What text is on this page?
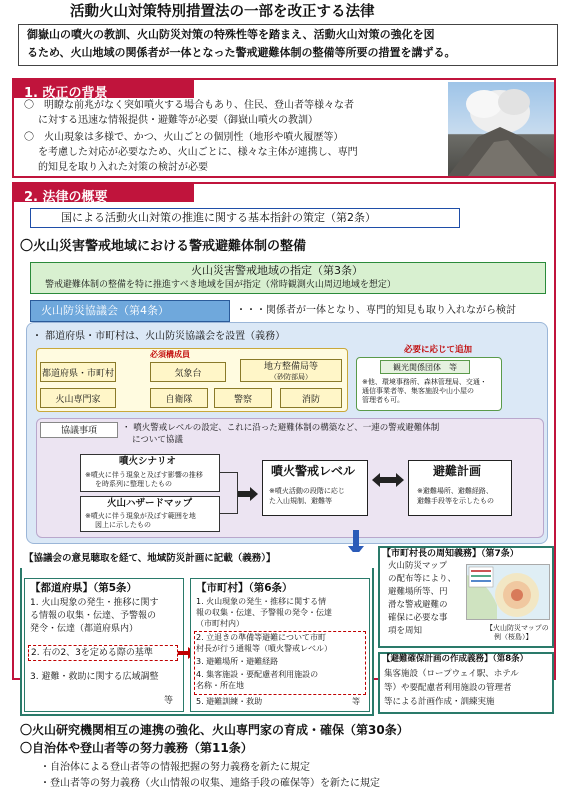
活動火山対策特別措置法の一部を改正する法律
御嶽山の噴火の教訓、火山防災対策の特殊性等を踏まえ、活動火山対策の強化を図
るため、火山地域の関係者が一体となった警戒避難体制の整備等所要の措置を講ずる。
1. 改正の背景
〇　明瞭な前兆がなく突如噴火する場合もあり、住民、登山者等様々な者
に対する迅速な情報提供・避難等が必要（御嶽山噴火の教訓）
〇　火山現象は多様で、かつ、火山ごとの個別性（地形や噴火履歴等）
を考慮した対応が必要なため、火山ごとに、様々な主体が連携し、専門
的知見を取り入れた対策の検討が必要
2. 法律の概要
国による活動火山対策の推進に関する基本指針の策定（第2条）
〇火山災害警戒地域における警戒避難体制の整備
火山災害警戒地域の指定（第3条）
警戒避難体制の整備を特に推進すべき地域を国が指定（常時観測火山周辺地域を想定）
火山防災協議会（第4条）	・・・関係者が一体となり、専門的知見も取り入れながら検討
・ 都道府県・市町村は、火山防災協議会を設置（義務）
必須構成員
都道府県・市町村	気象台
地方整備局等
（砂防部局）
火山専門家	自衛隊	警察	消防
必要に応じて追加
観光関係団体　等
※他、環境事務所、森林管理局、交通・
通信事業者等、集客施設や山小屋の
管理者も可。
協議事項	・ 噴火警戒レベルの設定、これに沿った避難体制の構築など、一連の警戒避難体制
について協議
噴火シナリオ
※噴火に伴う現象と及ぼす影響の推移
を時系列に整理したもの
火山ハザードマップ
※噴火に伴う現象が及ぼす範囲を地
図上に示したもの
噴火警戒レベル
※噴火活動の段階に応じ
た入山規制、避難等
避難計画
※避難場所、避難経路、
避難手段等を示したもの
【協議会の意見聴取を経て、地域防災計画に記載（義務）】
【都道府県】（第5条）
1. 火山現象の発生・推移に関す
る情報の収集・伝達、予警報の
発令・伝達（都道府県内）
2. 右の2、3を定める際の基準
3. 避難・救助に関する広域調整
等
【市町村】（第6条）
1. 火山現象の発生・推移に関する情
報の収集・伝達、予警報の発令・伝達
（市町村内）
2. 立退きの準備等避難について市町
村長が行う通報等（噴火警戒レベル）
3. 避難場所・避難経路
4. 集客施設・要配慮者利用施設の
名称・所在地
5. 避難訓練・救助	等
【市町村長の周知義務】（第7条）
火山防災マップ
の配布等により、
避難場所等、円
滑な警戒避難の
確保に必要な事
項を周知	【火山防災マップの
例（桜島）】
【避難確保計画の作成義務】（第8条）
集客施設（ロープウェイ駅、ホテル
等）や要配慮者利用施設の管理者
等による計画作成・訓練実施
〇火山研究機関相互の連携の強化、火山専門家の育成・確保（第30条）
〇自治体や登山者等の努力義務（第11条）
・自治体による登山者等の情報把握の努力義務を新たに規定
・登山者等の努力義務（火山情報の収集、連絡手段の確保等）を新たに規定
